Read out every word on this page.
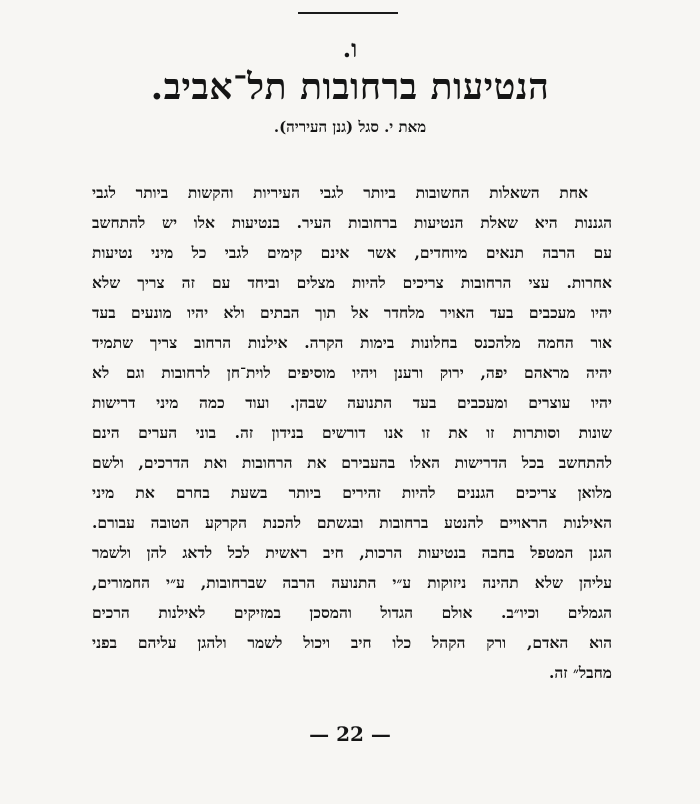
ו.
הנטיעות ברחובות תל־אביב.
מאת י. סגל (גנן העיריה).
אחת השאלות החשובות ביותר לגבי העיריות והקשות ביותר לגבי
הגננות היא שאלת הנטיעות ברחובות העיר. בנטיעות אלו יש להתחשב
עם הרבה תנאים מיוחדים, אשר אינם קימים לגבי כל מיני נטיעות
אחרות. עצי הרחובות צריכים להיות מצלים וביחד עם זה צריך שלא
יהיו מעכבים בעד האויר מלחדר אל תוך הבתים ולא יהיו מונעים בעד
אור החמה מלהכנס בחלונות בימות הקרה. אילנות הרחוב צריך שתמיד
יהיה מראהם יפה, ירוק ורענן ויהיו מוסיפים לוית־חן לרחובות וגם לא
יהיו עוצרים ומעכבים בעד התנועה שבהן. ועוד כמה מיני דרישות
שונות וסותרות זו את זו אנו דורשים בנידון זה. בוני הערים הינם
להתחשב בכל הדרישות האלו בהעבירם את הרחובות ואת הדרכים, ולשם
מלואן צריכים הגננים להיות זהירים ביותר בשעת בחרם את מיני
האילנות הראויים להנטע ברחובות ובגשתם להכנת הקרקע הטובה עבורם.
הגנן המטפל בחבה בנטיעות הרכות, חיב ראשית לכל לדאג להן ולשמר
עליהן שלא תהינה ניזוקות ע״י התנועה הרבה שברחובות, ע״י החמורים,
הגמלים וכיו״ב. אולם הגדול והמסכן במזיקים לאילנות הרכים
הוא האדם, ורק הקהל כלו חיב ויכול לשמר ולהגן עליהם בפני
מחבל״ זה.
— 22 —
